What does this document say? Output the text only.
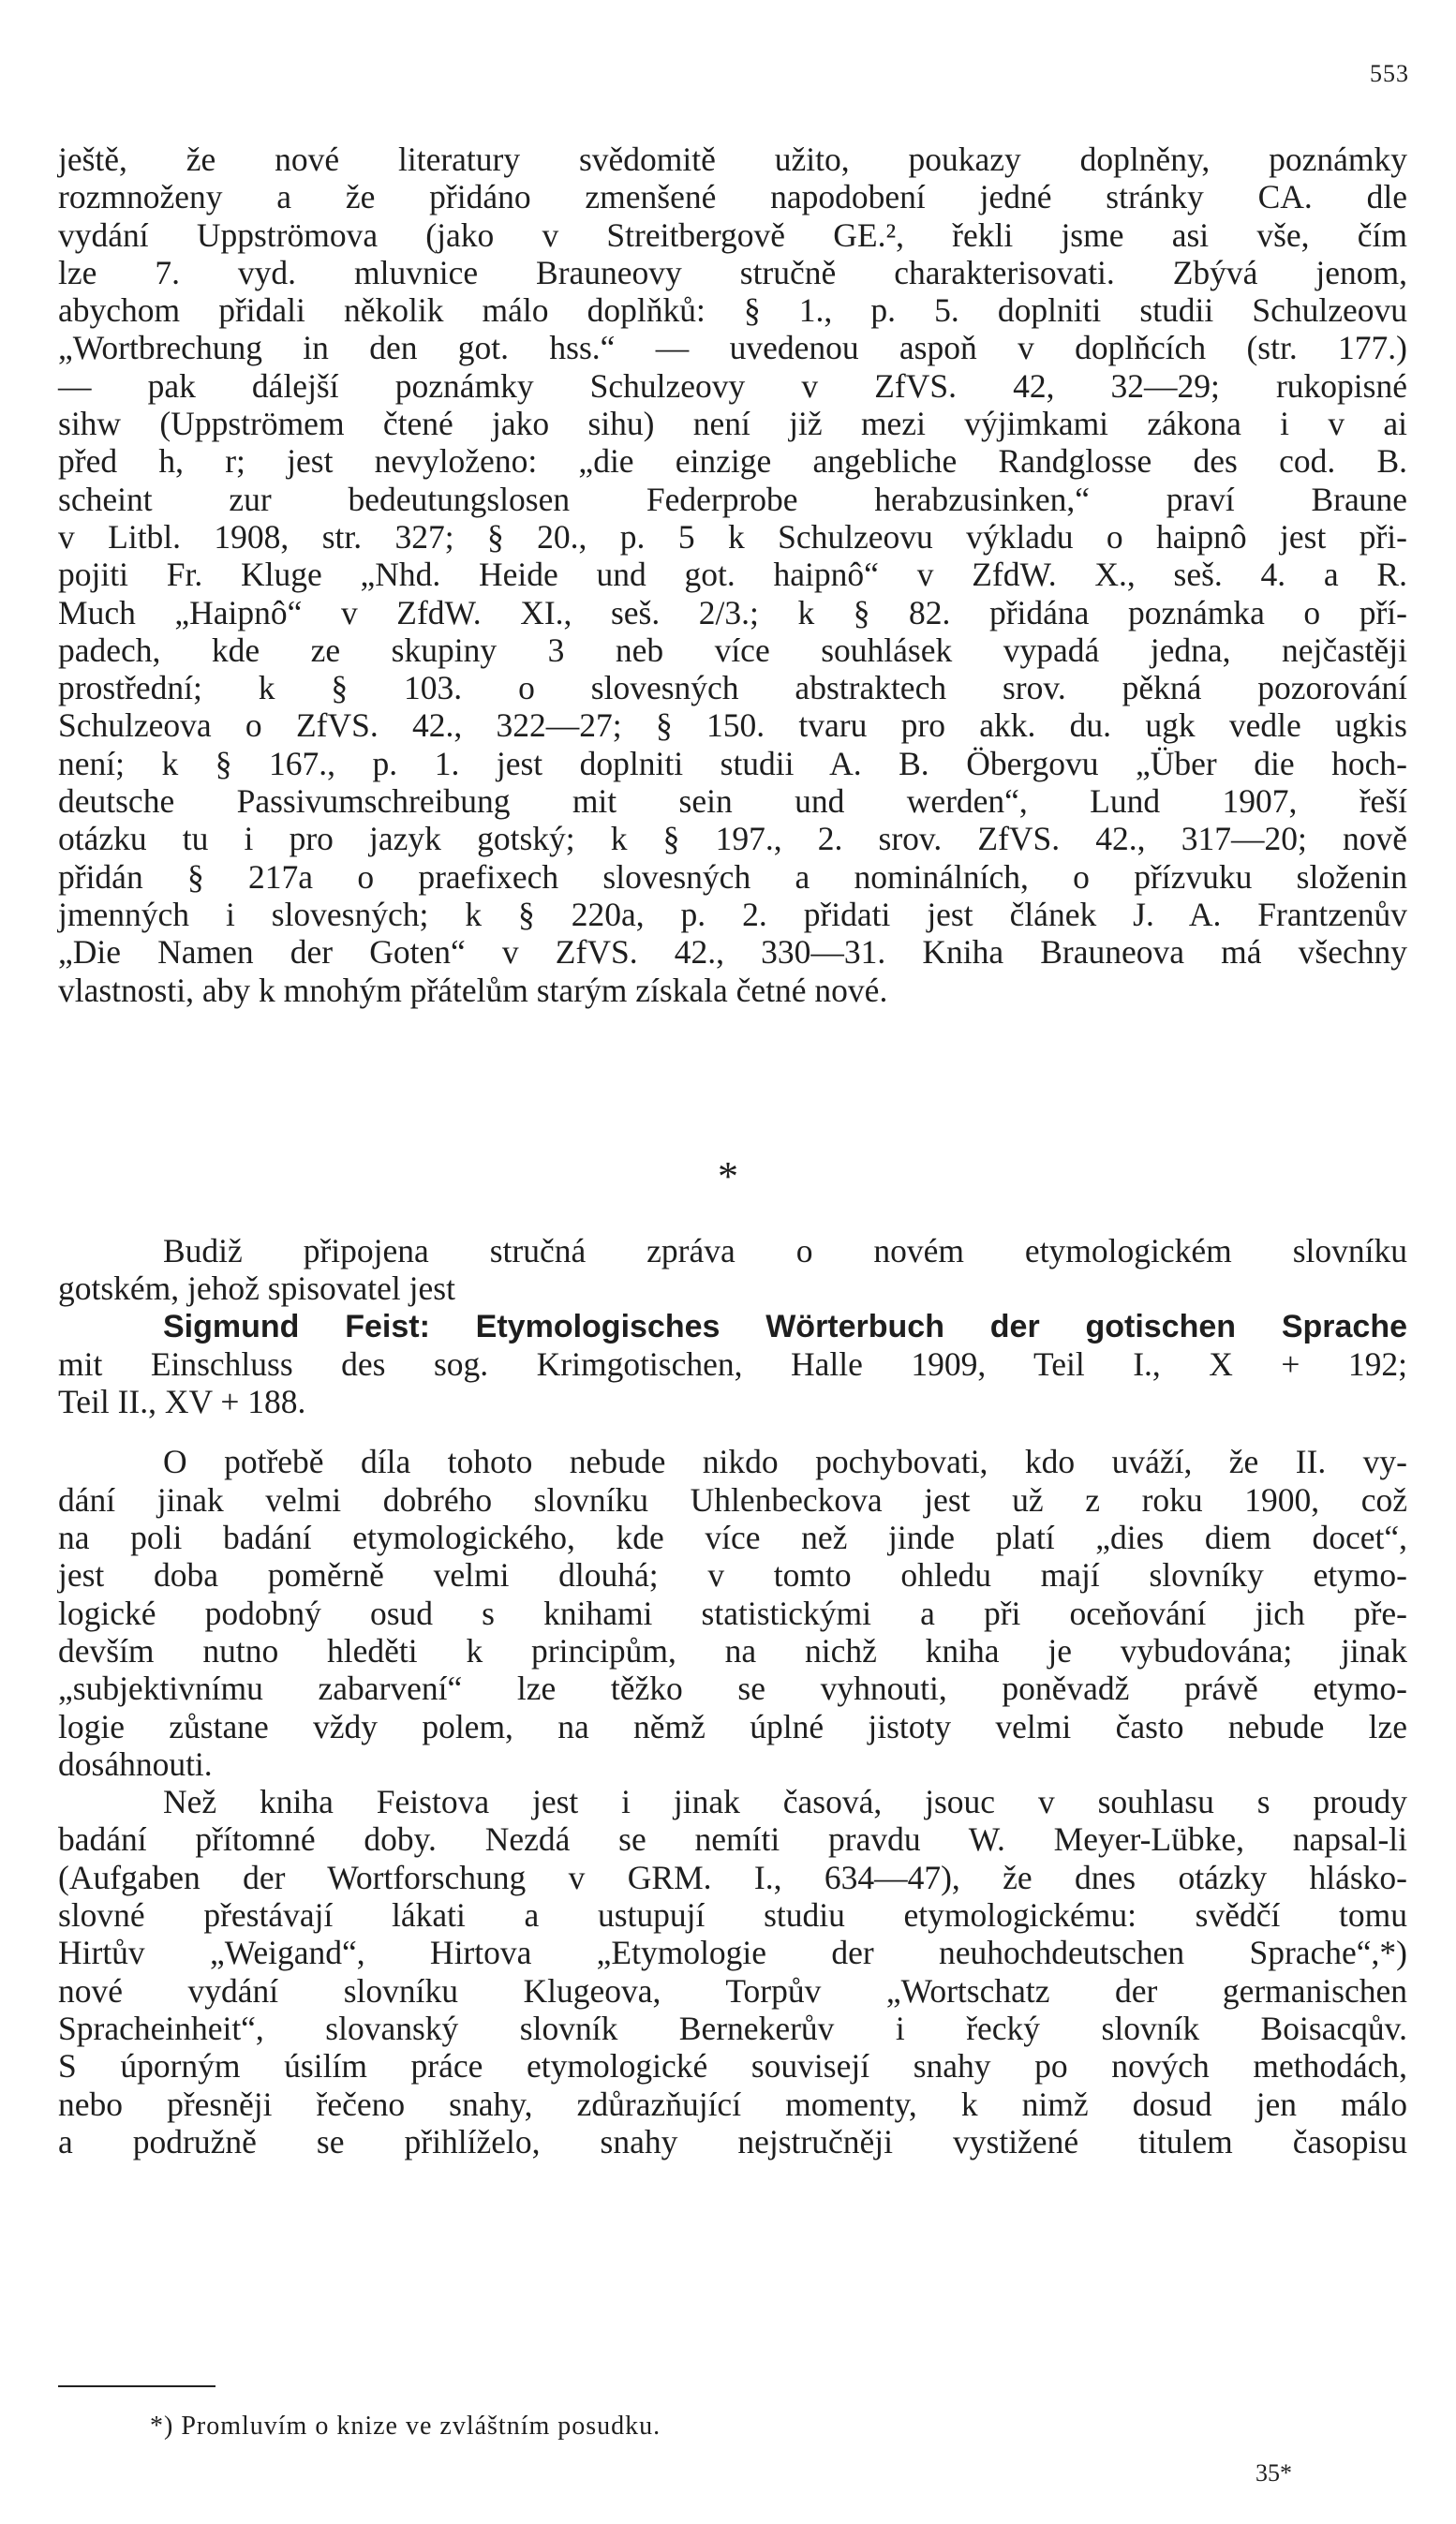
553

ještě, že nové literatury svědomitě užito, poukazy doplněny, poznámky

rozmnoženy a že přidáno zmenšené napodobení jedné stránky CA. dle

vydání Uppströmova (jako v Streitbergově GE.², řekli jsme asi vše, čím

lze 7. vyd. mluvnice Brauneovy stručně charakterisovati. Zbývá jenom,

abychom přidali několik málo doplňků: § 1., p. 5. doplniti studii Schulzeovu

„Wortbrechung in den got. hss.“ — uvedenou aspoň v doplňcích (str. 177.)

— pak dálejší poznámky Schulzeovy v ZfVS. 42, 32—29; rukopisné

sihw (Uppströmem čtené jako sihu) není již mezi výjimkami zákona i v ai

před h, r; jest nevyloženo: „die einzige angebliche Randglosse des cod. B.

scheint zur bedeutungslosen Federprobe herabzusinken,“ praví Braune

v Litbl. 1908, str. 327; § 20., p. 5 k Schulzeovu výkladu o haipnô jest při-

pojiti Fr. Kluge „Nhd. Heide und got. haipnô“ v ZfdW. X., seš. 4. a R.

Much „Haipnô“ v ZfdW. XI., seš. 2/3.; k § 82. přidána poznámka o pří-

padech, kde ze skupiny 3 neb více souhlásek vypadá jedna, nejčastěji

prostřední; k § 103. o slovesných abstraktech srov. pěkná pozorování

Schulzeova o ZfVS. 42., 322—27; § 150. tvaru pro akk. du. ugk vedle ugkis

není; k § 167., p. 1. jest doplniti studii A. B. Öbergovu „Über die hoch-

deutsche Passivumschreibung mit sein und werden“, Lund 1907, řeší

otázku tu i pro jazyk gotský; k § 197., 2. srov. ZfVS. 42., 317—20; nově

přidán § 217a o praefixech slovesných a nominálních, o přízvuku složenin

jmenných i slovesných; k § 220a, p. 2. přidati jest článek J. A. Frantzenův

„Die Namen der Goten“ v ZfVS. 42., 330—31. Kniha Brauneova má všechny

vlastnosti, aby k mnohým přátelům starým získala četné nové.

*

Budiž připojena stručná zpráva o novém etymologickém slovníku

gotském, jehož spisovatel jest

Sigmund Feist: Etymologisches Wörterbuch der gotischen Sprache

mit Einschluss des sog. Krimgotischen, Halle 1909, Teil I., X + 192;

Teil II., XV + 188.

O potřebě díla tohoto nebude nikdo pochybovati, kdo uváží, že II. vy-

dání jinak velmi dobrého slovníku Uhlenbeckova jest už z roku 1900, což

na poli badání etymologického, kde více než jinde platí „dies diem docet“,

jest doba poměrně velmi dlouhá; v tomto ohledu mají slovníky etymo-

logické podobný osud s knihami statistickými a při oceňování jich pře-

devším nutno hleděti k principům, na nichž kniha je vybudována; jinak

„subjektivnímu zabarvení“ lze těžko se vyhnouti, poněvadž právě etymo-

logie zůstane vždy polem, na němž úplné jistoty velmi často nebude lze

dosáhnouti.

Než kniha Feistova jest i jinak časová, jsouc v souhlasu s proudy

badání přítomné doby. Nezdá se nemíti pravdu W. Meyer-Lübke, napsal-li

(Aufgaben der Wortforschung v GRM. I., 634—47), že dnes otázky hlásko-

slovné přestávají lákati a ustupují studiu etymologickému: svědčí tomu

Hirtův „Weigand“, Hirtova „Etymologie der neuhochdeutschen Sprache“,*)

nové vydání slovníku Klugeova, Torpův „Wortschatz der germanischen

Spracheinheit“, slovanský slovník Bernekerův i řecký slovník Boisacqův.

S úporným úsilím práce etymologické souvisejí snahy po nových methodách,

nebo přesněji řečeno snahy, zdůrazňující momenty, k nimž dosud jen málo

a podružně se přihlíželo, snahy nejstručněji vystižené titulem časopisu

*) Promluvím o knize ve zvláštním posudku.

35*
